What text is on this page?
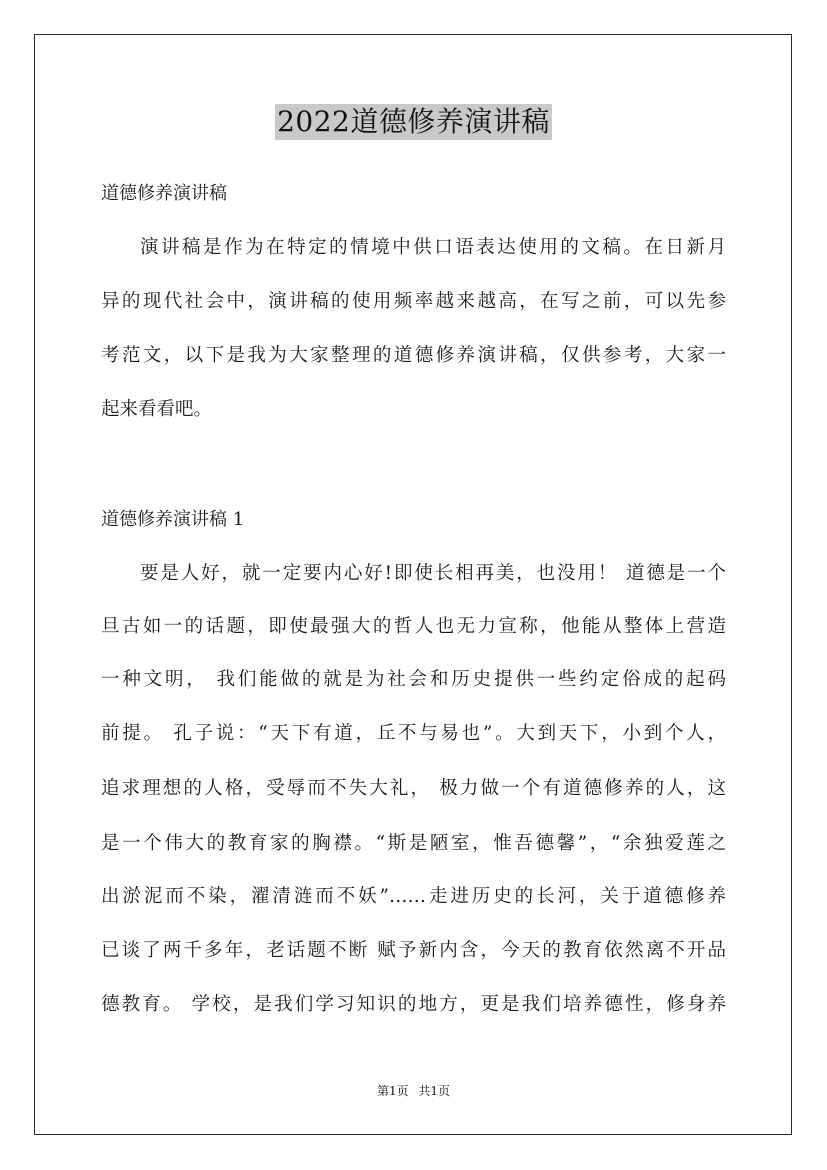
2022道德修养演讲稿
道德修养演讲稿
演讲稿是作为在特定的情境中供口语表达使用的文稿。在日新月
异的现代社会中，演讲稿的使用频率越来越高，在写之前，可以先参
考范文，以下是我为大家整理的道德修养演讲稿，仅供参考，大家一
起来看看吧。
道德修养演讲稿 1
要是人好，就一定要内心好!即使长相再美，也没用！ 道德是一个
旦古如一的话题，即使最强大的哲人也无力宣称，他能从整体上营造
一种文明， 我们能做的就是为社会和历史提供一些约定俗成的起码
前提。 孔子说：“天下有道，丘不与易也”。大到天下，小到个人，
追求理想的人格，受辱而不失大礼， 极力做一个有道德修养的人，这
是一个伟大的教育家的胸襟。“斯是陋室，惟吾德馨”，“余独爱莲之
出淤泥而不染，濯清涟而不妖”……走进历史的长河，关于道德修养
已谈了两千多年，老话题不断 赋予新内含，今天的教育依然离不开品
德教育。 学校，是我们学习知识的地方，更是我们培养德性，修身养
第1页 共1页
